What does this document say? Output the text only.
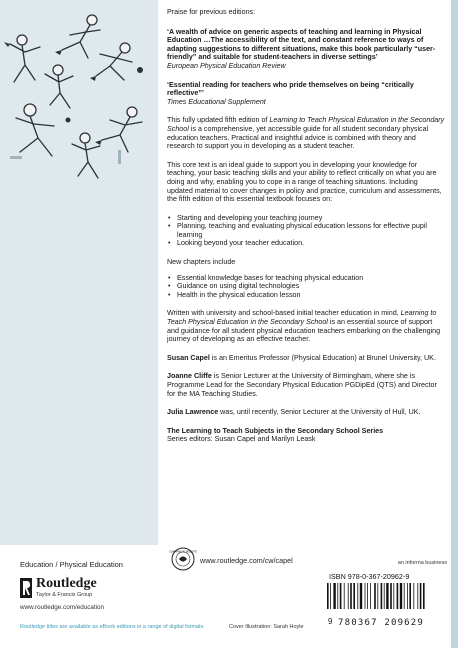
Praise for previous editions:

‘A wealth of advice on generic aspects of teaching and learning in Physical Education …The accessibility of the text, and constant reference to ways of adapting suggestions to different situations, make this book particularly “user-friendly” and suitable for student-teachers in diverse settings’

European Physical Education Review

‘Essential reading for teachers who pride themselves on being “critically reflective”’

Times Educational Supplement

This fully updated fifth edition of Learning to Teach Physical Education in the Secondary School is a comprehensive, yet accessible guide for all student secondary physical education teachers. Practical and insightful advice is combined with theory and research to support you in developing as a student teacher.

This core text is an ideal guide to support you in developing your knowledge for teaching, your basic teaching skills and your ability to reflect critically on what you are doing and why, enabling you to cope in a range of teaching situations. Including updated material to cover changes in policy and practice, curriculum and assessments, the fifth edition of this essential textbook focuses on:

• Starting and developing your teaching journey
• Planning, teaching and evaluating physical education lessons for effective pupil learning
• Looking beyond your teacher education.

New chapters include

• Essential knowledge bases for teaching physical education
• Guidance on using digital technologies
• Health in the physical education lesson

Written with university and school-based initial teacher education in mind, Learning to Teach Physical Education in the Secondary School is an essential source of support and guidance for all student physical education teachers embarking on the challenging journey of developing as an effective teacher.

Susan Capel is an Emeritus Professor (Physical Education) at Brunel University, UK.

Joanne Cliffe is Senior Lecturer at the University of Birmingham, where she is Programme Lead for the Secondary Physical Education PGDipEd (QTS) and Director for the MA Teaching Studies.

Julia Lawrence was, until recently, Senior Lecturer at the University of Hull, UK.

The Learning to Teach Subjects in the Secondary School Series

Series editors: Susan Capel and Marilyn Leask

Education / Physical Education
Routledge
Taylor & Francis Group
www.routledge.com/education
COMPANION WEBSITE
www.routledge.com/cw/capel	an informa business
ISBN 978-0-367-20962-9
9 780367 209629
Routledge titles are available as eBook editions in a range of digital formats	Cover Illustration: Sarah Hoyle
